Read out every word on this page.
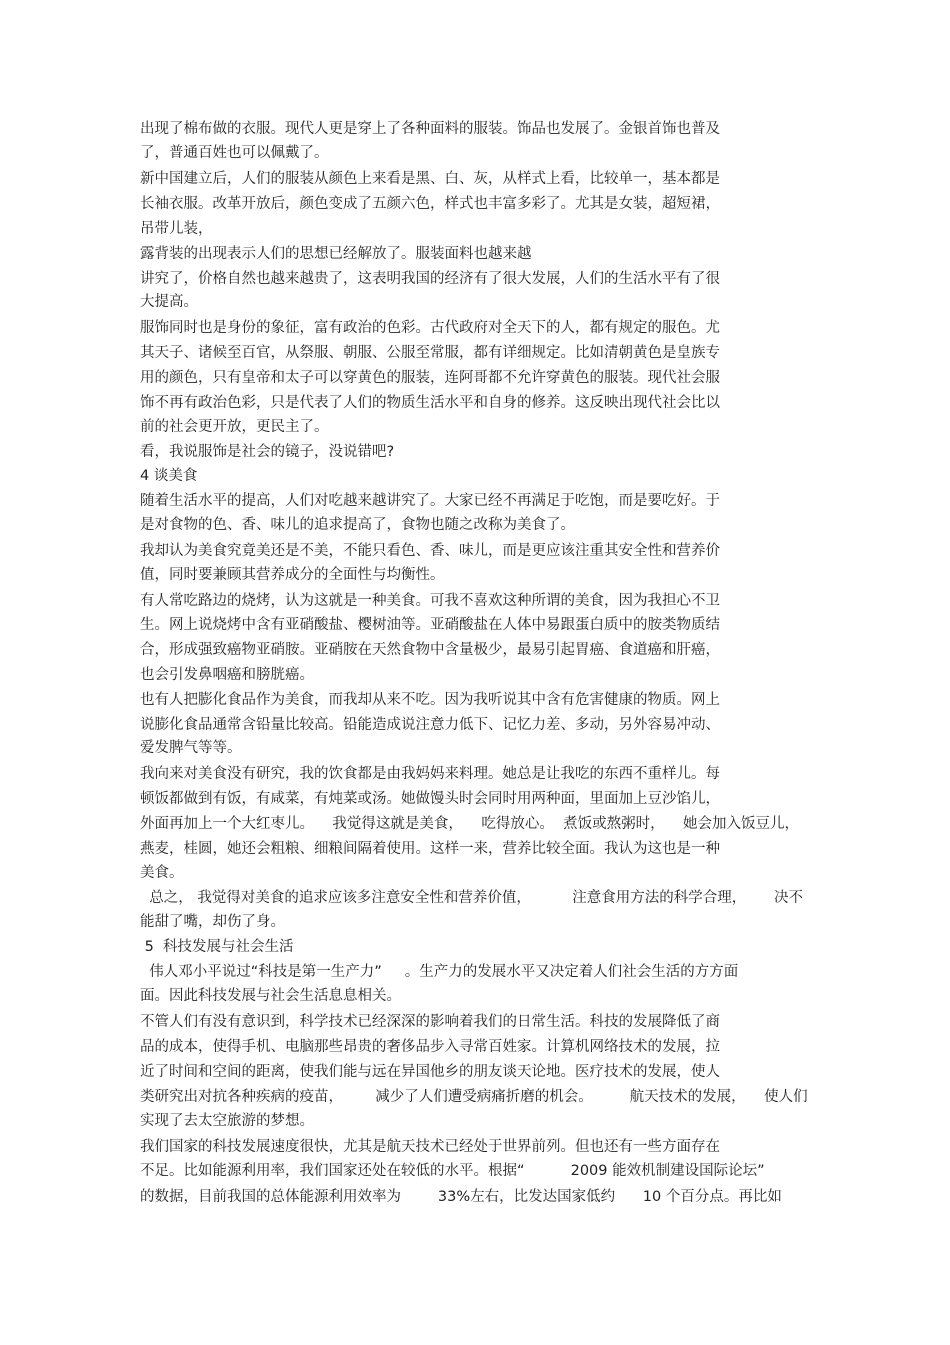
出现了棉布做的衣服。现代人更是穿上了各种面料的服装。饰品也发展了。金银首饰也普及

了，普通百姓也可以佩戴了。

新中国建立后，人们的服装从颜色上来看是黑、白、灰，从样式上看，比较单一，基本都是

长袖衣服。改革开放后，颜色变成了五颜六色，样式也丰富多彩了。尤其是女装，超短裙，

吊带儿装，

露背装的出现表示人们的思想已经解放了。服装面料也越来越

讲究了，价格自然也越来越贵了，这表明我国的经济有了很大发展，人们的生活水平有了很

大提高。

服饰同时也是身份的象征，富有政治的色彩。古代政府对全天下的人，都有规定的服色。尤

其天子、诸候至百官，从祭服、朝服、公服至常服，都有详细规定。比如清朝黄色是皇族专

用的颜色，只有皇帝和太子可以穿黄色的服装，连阿哥都不允许穿黄色的服装。现代社会服

饰不再有政治色彩，只是代表了人们的物质生活水平和自身的修养。这反映出现代社会比以

前的社会更开放，更民主了。

看，我说服饰是社会的镜子，没说错吧?

4 谈美食

随着生活水平的提高，人们对吃越来越讲究了。大家已经不再满足于吃饱，而是要吃好。于

是对食物的色、香、味儿的追求提高了，食物也随之改称为美食了。

我却认为美食究竟美还是不美，不能只看色、香、味儿，而是更应该注重其安全性和营养价

值，同时要兼顾其营养成分的全面性与均衡性。

有人常吃路边的烧烤，认为这就是一种美食。可我不喜欢这种所谓的美食，因为我担心不卫

生。网上说烧烤中含有亚硝酸盐、樱树油等。亚硝酸盐在人体中易跟蛋白质中的胺类物质结

合，形成强致癌物亚硝胺。亚硝胺在天然食物中含量极少，最易引起胃癌、食道癌和肝癌，

也会引发鼻咽癌和膀胱癌。

也有人把膨化食品作为美食，而我却从来不吃。因为我听说其中含有危害健康的物质。网上

说膨化食品通常含铅量比较高。铅能造成说注意力低下、记忆力差、多动，另外容易冲动、

爱发脾气等等。

我向来对美食没有研究，我的饮食都是由我妈妈来料理。她总是让我吃的东西不重样儿。每

顿饭都做到有饭，有咸菜，有炖菜或汤。她做馒头时会同时用两种面，里面加上豆沙馅儿，

外面再加上一个大红枣儿。    我觉得这就是美食，    吃得放心。  煮饭或熬粥时，    她会加入饭豆儿，

燕麦，桂圆，她还会粗粮、细粮间隔着使用。这样一来，营养比较全面。我认为这也是一种

美食。

总之， 我觉得对美食的追求应该多注意安全性和营养价值，         注意食用方法的科学合理，      决不

能甜了嘴，却伤了身。

5  科技发展与社会生活

伟人邓小平说过“科技是第一生产力”     。生产力的发展水平又决定着人们社会生活的方方面

面。因此科技发展与社会生活息息相关。

不管人们有没有意识到，科学技术已经深深的影响着我们的日常生活。科技的发展降低了商

品的成本，使得手机、电脑那些昂贵的奢侈品步入寻常百姓家。计算机网络技术的发展，拉

近了时间和空间的距离，使我们能与远在异国他乡的朋友谈天论地。医疗技术的发展，使人

类研究出对抗各种疾病的疫苗，       减少了人们遭受病痛折磨的机会。        航天技术的发展，    使人们

实现了去太空旅游的梦想。

我们国家的科技发展速度很快，尤其是航天技术已经处于世界前列。但也还有一些方面存在

不足。比如能源利用率，我们国家还处在较低的水平。根据“          2009 能效机制建设国际论坛”

的数据，目前我国的总体能源利用效率为        33%左右，比发达国家低约      10 个百分点。再比如
